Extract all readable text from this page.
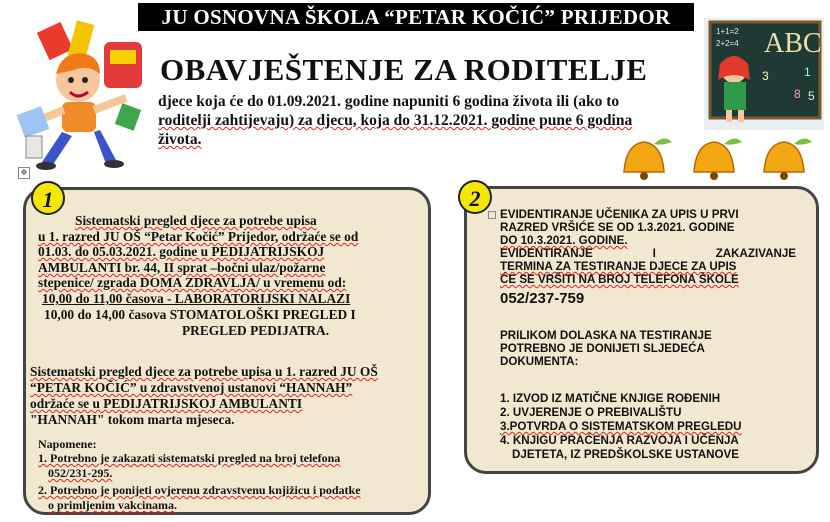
JU OSNOVNA ŠKOLA “PETAR KOČIĆ” PRIJEDOR
✥
OBAVJEŠTENJE ZA RODITELJE
djece koja će do 01.09.2021. godine napuniti 6 godina života ili (ako to
roditelji zahtijevaju) za djecu, koja do 31.12.2021. godine pune 6 godina
života.
ABC
1+1=2
2+2=4
1
3
8 5
1
Sistematski pregled djece za potrebe upisa
u 1. razred JU OŠ “Petar Kočić” Prijedor, održaće se od
01.03. do 05.03.2021. godine u PEDIJATRIJSKOJ
AMBULANTI br. 44, II sprat –bočni ulaz/požarne
stepenice/ zgrada DOMA ZDRAVLJA/ u vremenu od:
10,00 do 11,00 časova - LABORATORIJSKI NALAZI
10,00 do 14,00 časova STOMATOLOŠKI PREGLED I
PREGLED PEDIJATRA.
Sistematski pregled djece za potrebe upisa u 1. razred JU OŠ
“PETAR KOČIĆ” u zdravstvenoj ustanovi “HANNAH”
održaće se u PEDIJATRIJSKOJ AMBULANTI
"HANNAH" tokom marta mjeseca.
Napomene:
1. Potrebno je zakazati sistematski pregled na broj telefona
052/231-295.
2. Potrebno je ponijeti ovjerenu zdravstvenu knjižicu i podatke
o primljenim vakcinama.
2
EVIDENTIRANJE UČENIKA ZA UPIS U PRVI
RAZRED VRŠIĆE SE OD 1.3.2021. GODINE
DO 10.3.2021. GODINE.
EVIDENTIRANJE I ZAKAZIVANJE
TERMINA ZA TESTIRANJE DJECE ZA UPIS
ĆE SE VRŠITI NA BROJ TELEFONA ŠKOLE
052/237-759
PRILIKOM DOLASKA NA TESTIRANJE
POTREBNO JE DONIJETI SLJEDEĆA
DOKUMENTA:
1. IZVOD IZ MATIČNE KNJIGE ROĐENIH
2. UVJERENJE O PREBIVALIŠTU
3.POTVRDA O SISTEMATSKOM PREGLEDU
4. KNJIGU PRAĆENJA RAZVOJA I UČENJA
DJETETA, IZ PREDŠKOLSKE USTANOVE
